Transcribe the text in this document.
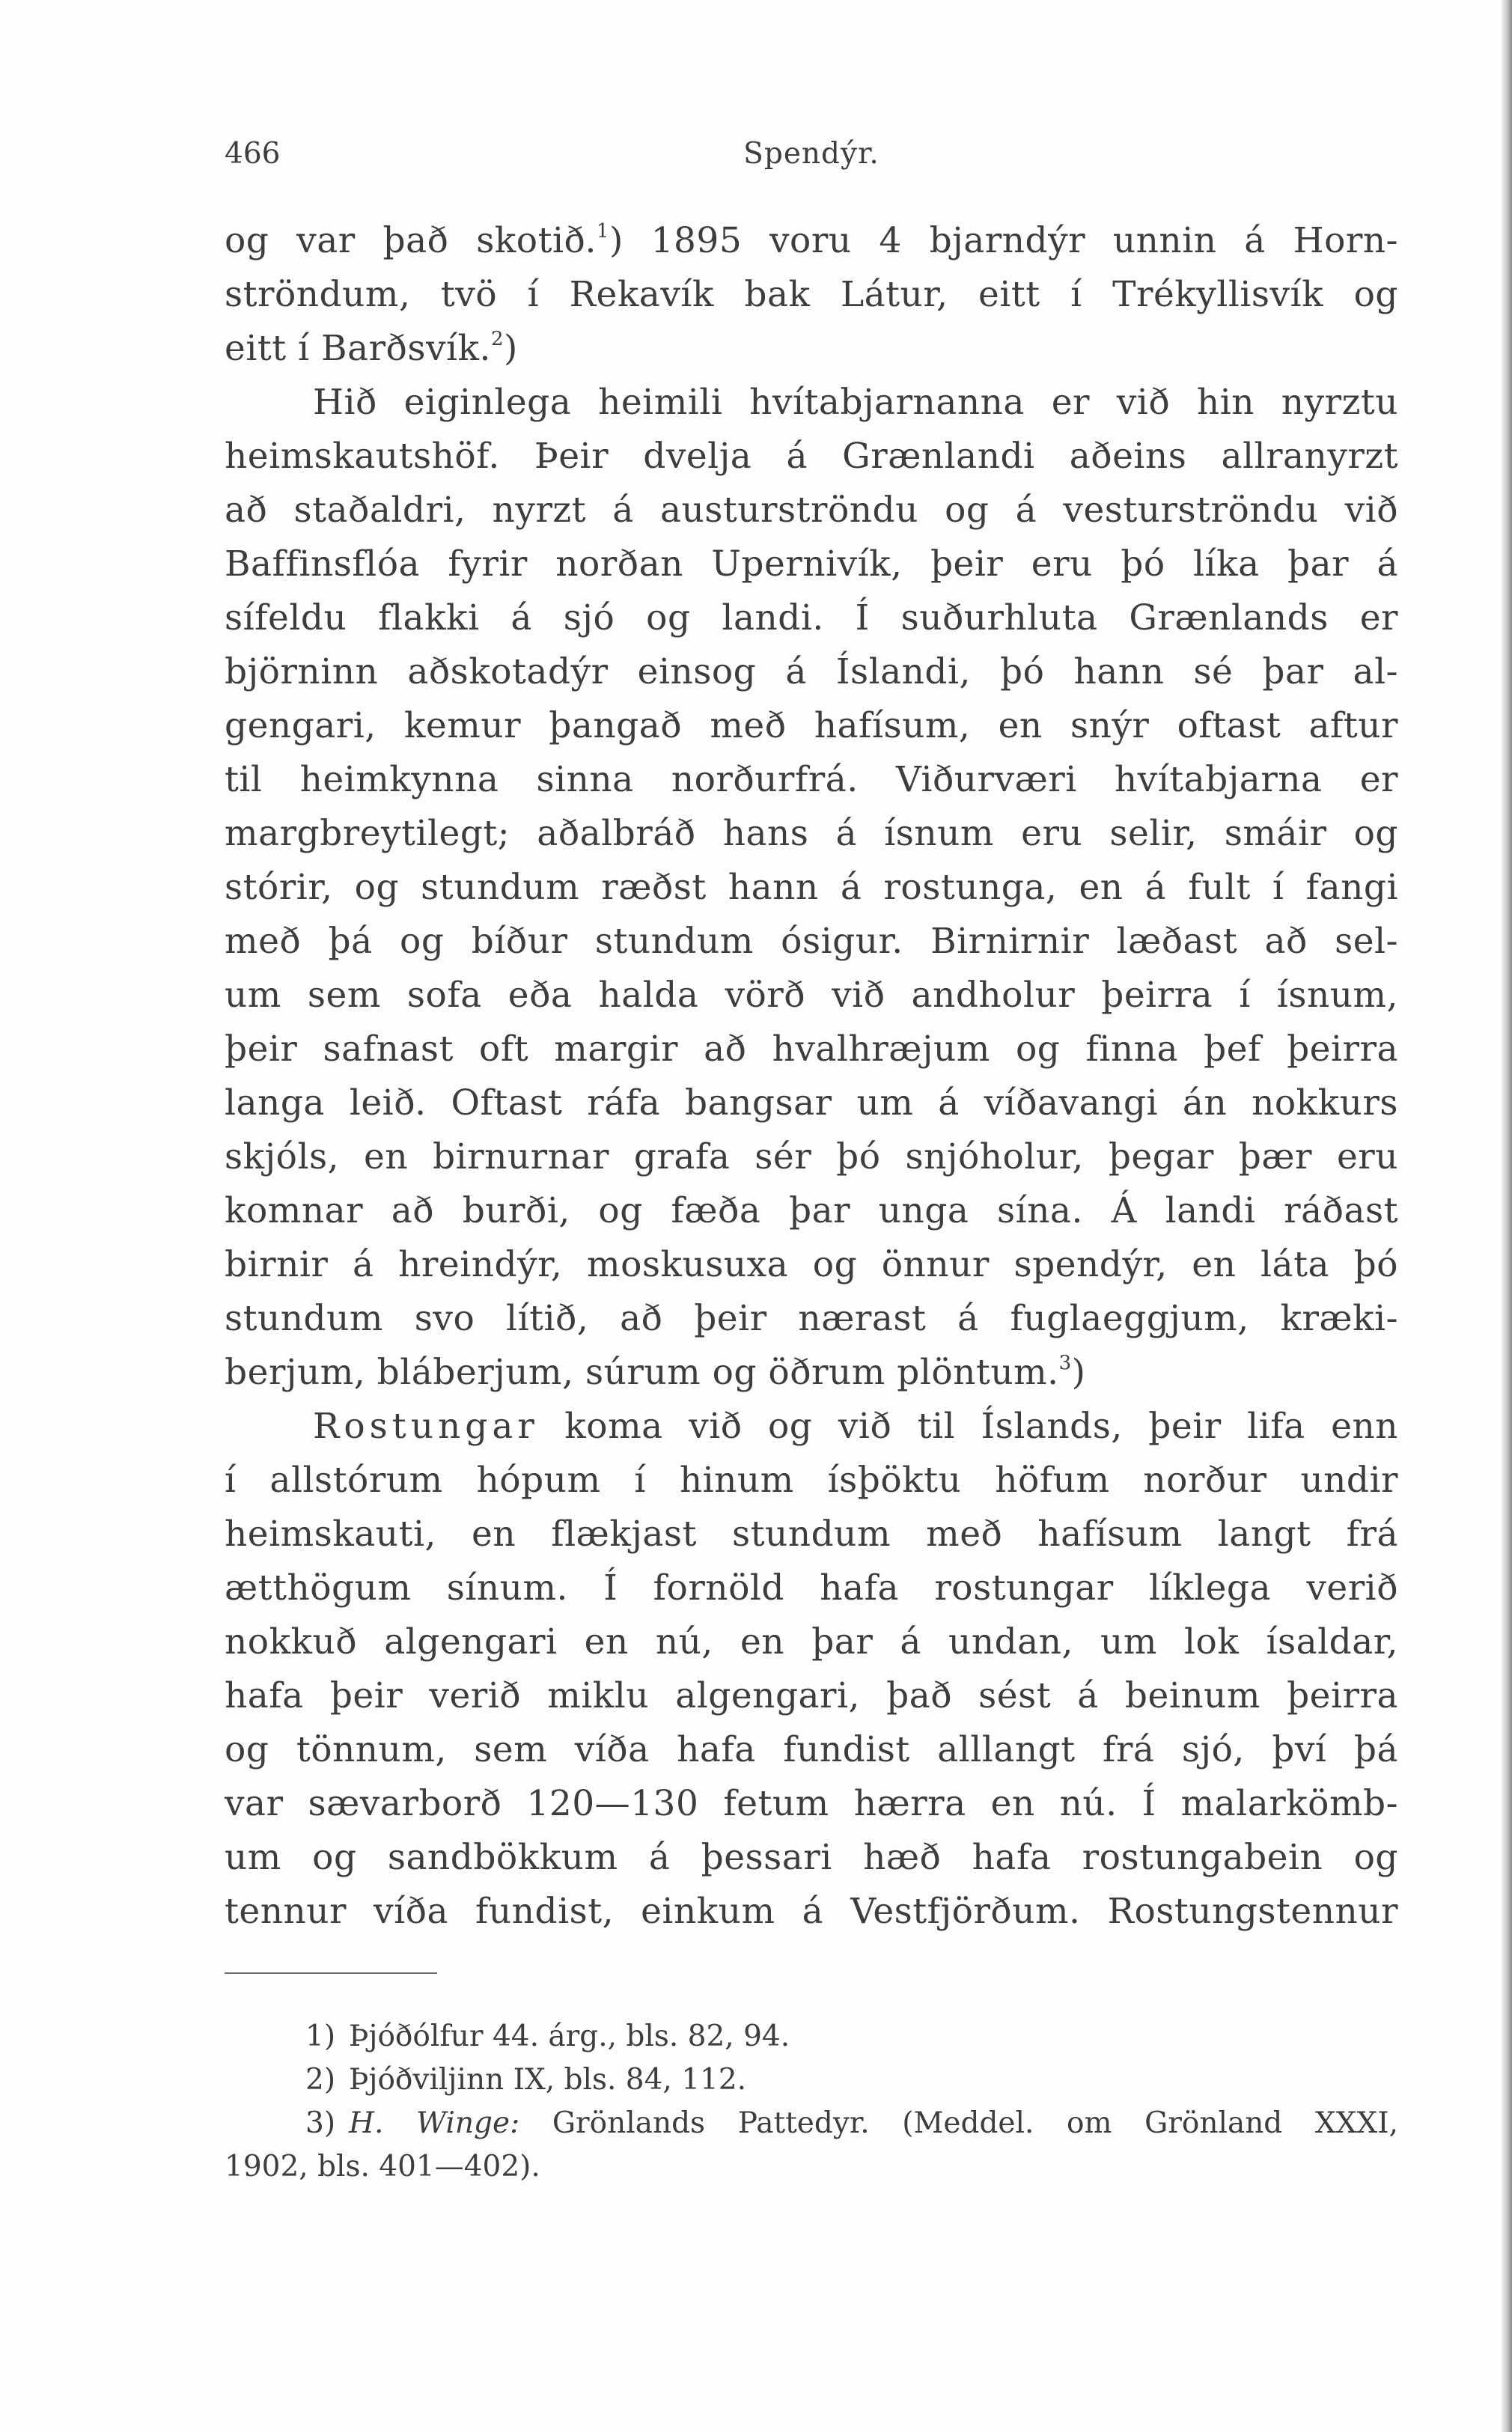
466	Spendýr.
og var það skotið.$^1$) 1895 voru 4 bjarndýr unnin á Horn-
ströndum, tvö í Rekavík bak Látur, eitt í Trékyllisvík og
eitt í Barðsvík.$^2$)
Hið eiginlega heimili hvítabjarnanna er við hin nyrztu
heimskautshöf. Þeir dvelja á Grænlandi aðeins allranyrzt
að staðaldri, nyrzt á austurströndu og á vesturströndu við
Baffinsflóa fyrir norðan Upernivík, þeir eru þó líka þar á
sífeldu flakki á sjó og landi. Í suðurhluta Grænlands er
björninn aðskotadýr einsog á Íslandi, þó hann sé þar al-
gengari, kemur þangað með hafísum, en snýr oftast aftur
til heimkynna sinna norðurfrá. Viðurværi hvítabjarna er
margbreytilegt; aðalbráð hans á ísnum eru selir, smáir og
stórir, og stundum ræðst hann á rostunga, en á fult í fangi
með þá og bíður stundum ósigur. Birnirnir læðast að sel-
um sem sofa eða halda vörð við andholur þeirra í ísnum,
þeir safnast oft margir að hvalhræjum og finna þef þeirra
langa leið. Oftast ráfa bangsar um á víðavangi án nokkurs
skjóls, en birnurnar grafa sér þó snjóholur, þegar þær eru
komnar að burði, og fæða þar unga sína. Á landi ráðast
birnir á hreindýr, moskusuxa og önnur spendýr, en láta þó
stundum svo lítið, að þeir nærast á fuglaeggjum, kræki-
berjum, bláberjum, súrum og öðrum plöntum.$^3$)
Rostungar koma við og við til Íslands, þeir lifa enn
í allstórum hópum í hinum ísþöktu höfum norður undir
heimskauti, en flækjast stundum með hafísum langt frá
ætthögum sínum. Í fornöld hafa rostungar líklega verið
nokkuð algengari en nú, en þar á undan, um lok ísaldar,
hafa þeir verið miklu algengari, það sést á beinum þeirra
og tönnum, sem víða hafa fundist alllangt frá sjó, því þá
var sævarborð 120—130 fetum hærra en nú. Í malarkömb-
um og sandbökkum á þessari hæð hafa rostungabein og
tennur víða fundist, einkum á Vestfjörðum. Rostungstennur
1) Þjóðólfur 44. árg., bls. 82, 94.
2) Þjóðviljinn IX, bls. 84, 112.
3) H. Winge: Grönlands Pattedyr. (Meddel. om Grönland XXXI,
1902, bls. 401—402).
